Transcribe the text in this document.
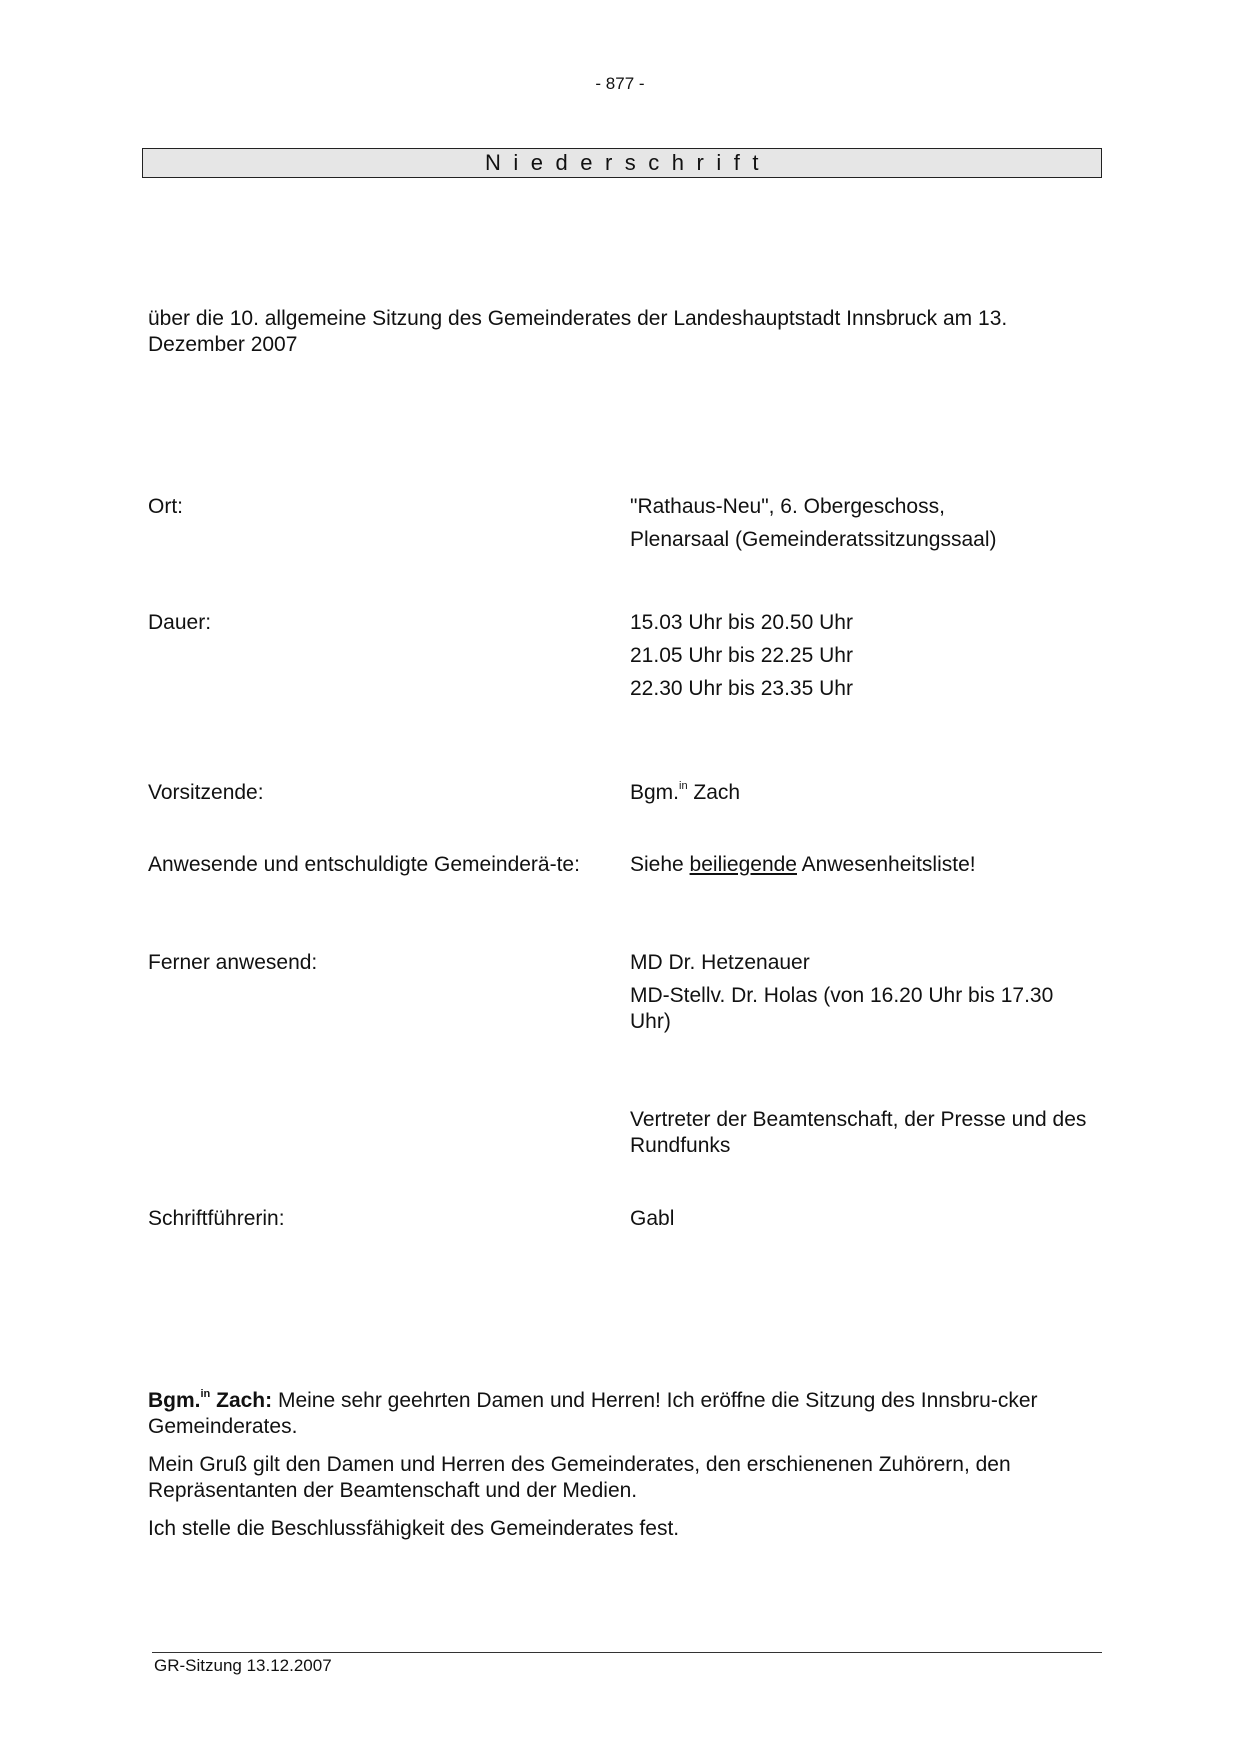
- 877 -
Niederschrift
über die 10. allgemeine Sitzung des Gemeinderates der Landeshauptstadt Innsbruck am 13. Dezember 2007
Ort:	"Rathaus-Neu", 6. Obergeschoss,
Plenarsaal (Gemeinderatssitzungssaal)
Dauer:	15.03 Uhr bis 20.50 Uhr
21.05 Uhr bis 22.25 Uhr
22.30 Uhr bis 23.35 Uhr
Vorsitzende:	Bgm.$^{in}$ Zach
Anwesende und entschuldigte Gemeinderä-te:	Siehe beiliegende Anwesenheitsliste!
Ferner anwesend:	MD Dr. Hetzenauer
MD-Stellv. Dr. Holas (von 16.20 Uhr bis 17.30 Uhr)
Vertreter der Beamtenschaft, der Presse und des Rundfunks
Schriftführerin:	Gabl

Bgm.$^{in}$ Zach: Meine sehr geehrten Damen und Herren! Ich eröffne die Sitzung des Innsbru-cker Gemeinderates.

Mein Gruß gilt den Damen und Herren des Gemeinderates, den erschienenen Zuhörern, den Repräsentanten der Beamtenschaft und der Medien.

Ich stelle die Beschlussfähigkeit des Gemeinderates fest.

GR-Sitzung 13.12.2007
